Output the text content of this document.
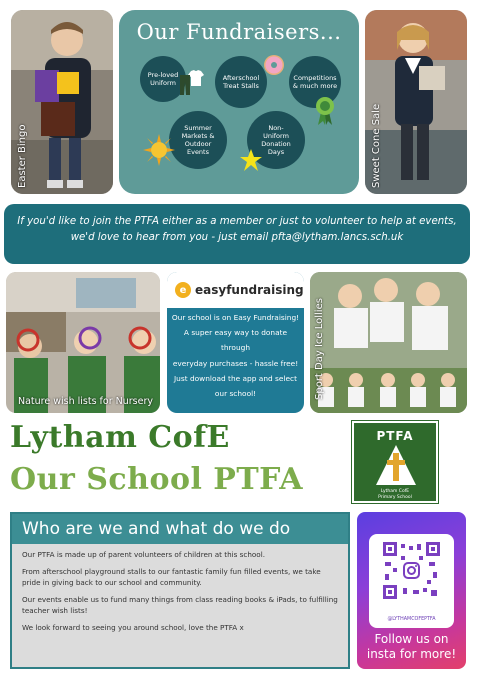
Easter Bingo
Our Fundraisers...
Pre-loved
Uniform
Afterschool
Treat Stalls
Competitions
& much more
Summer
Markets &
Outdoor
Events
Non-
Uniform
Donation
Days	Sweet Cone Sale
If you'd like to join the PTFA either as a member or just to volunteer to help at events, we'd love to hear from you - just email pfta@lytham.lancs.sch.uk
Nature wish lists for Nursery
e easyfundraising
Our school is on Easy Fundraising!
A super easy way to donate through
everyday purchases - hassle free!
Just download the app and select
our school!	Sport Day Ice Lollies
Lytham CofE
Our School PTFA
PTFA
Lytham CofE
Primary School
Who are we and what do we do

Our PTFA is made up of parent volunteers of children at this school.

From afterschool playground stalls to our fantastic family fun filled events, we take pride in giving back to our school and community.

Our events enable us to fund many things from class reading books & iPads, to fulfilling teacher wish lists!

We look forward to seeing you around school, love the PTFA x

@LYTHAMCOFEPTFA
Follow us on
insta for more!
